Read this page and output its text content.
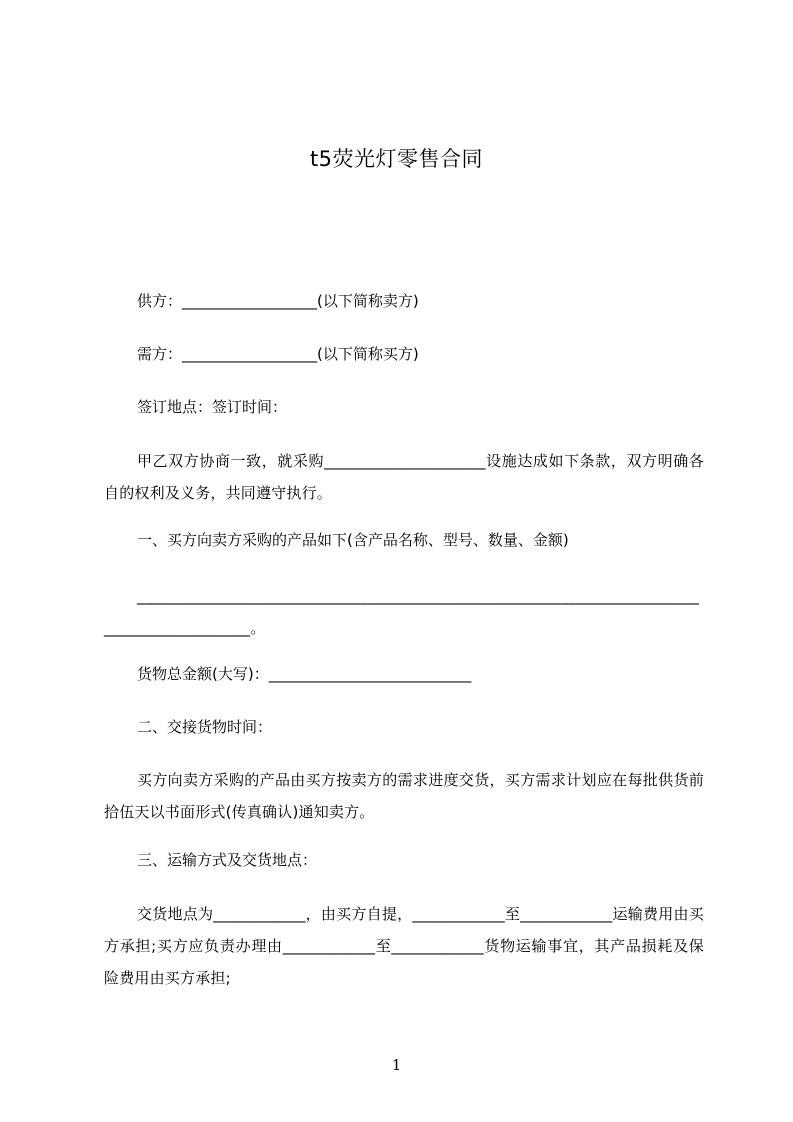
t5荧光灯零售合同
供方：__________________(以下简称卖方)
需方：__________________(以下简称买方)
签订地点：签订时间：
甲乙双方协商一致，就采购_____________________设施达成如下条款，双方明确各自的权利及义务，共同遵守执行。
一、买方向卖方采购的产品如下(含产品名称、型号、数量、金额)
____________________________________________________________________________________________。
货物总金额(大写)：___________________________
二、交接货物时间：
买方向卖方采购的产品由买方按卖方的需求进度交货，买方需求计划应在每批供货前拾伍天以书面形式(传真确认)通知卖方。
三、运输方式及交货地点：
交货地点为____________，由买方自提，____________至____________运输费用由买方承担;买方应负责办理由____________至____________货物运输事宜，其产品损耗及保险费用由买方承担;
1
